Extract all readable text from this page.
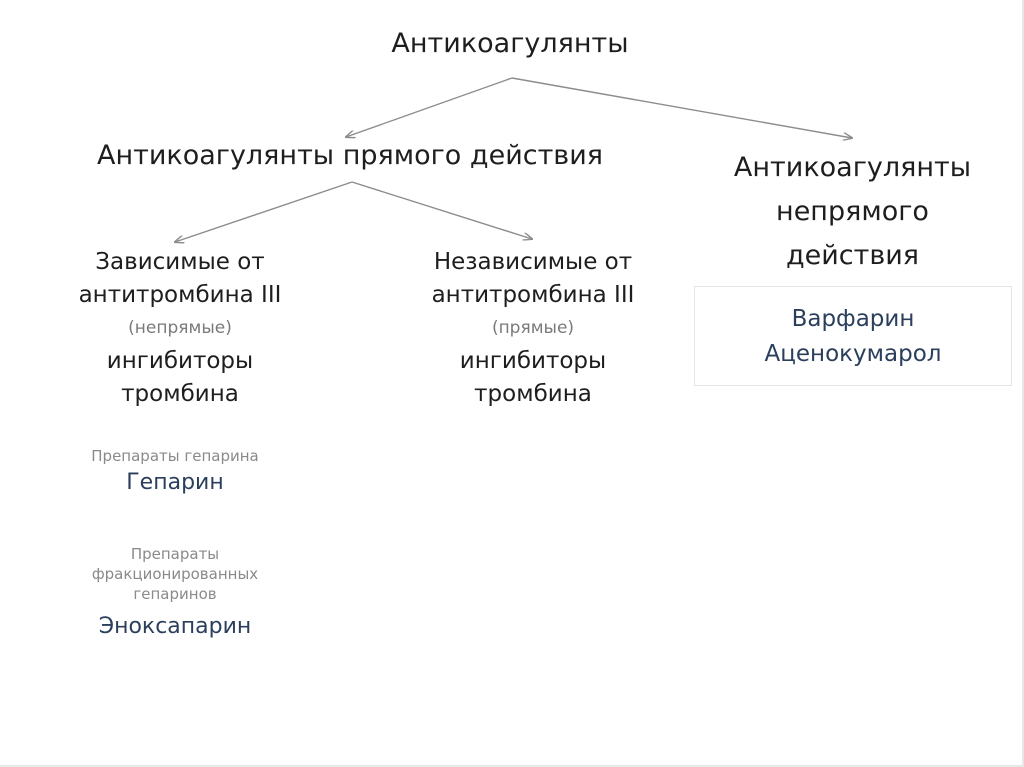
Антикоагулянты
Антикоагулянты прямого действия	Антикоагулянты
непрямого
действия
Зависимые от
антитромбина III
(непрямые)
ингибиторы
тромбина
Независимые от
антитромбина III
(прямые)
ингибиторы
тромбина
Варфарин
Аценокумарол
Препараты гепарина
Гепарин
Препараты
фракционированных
гепаринов
Эноксапарин
